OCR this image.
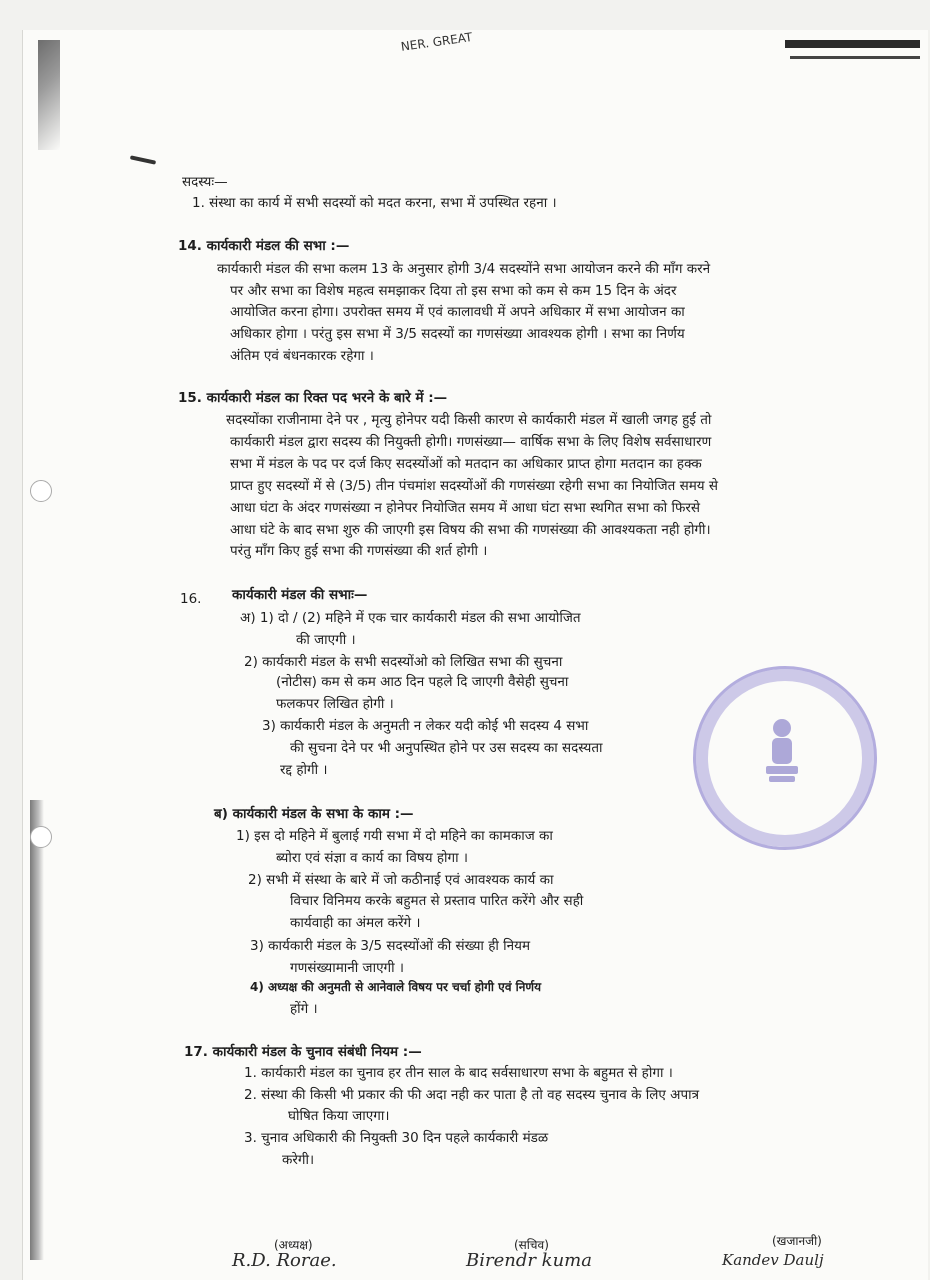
NER. GREAT
सदस्यः—
1. संस्था का कार्य में सभी सदस्यों को मदत करना, सभा में उपस्थित रहना ।
14. कार्यकारी मंडल की सभा :—
कार्यकारी मंडल की सभा कलम 13 के अनुसार होगी 3/4 सदस्योंने सभा आयोजन करने की माँग करने
पर और सभा का विशेष महत्व समझाकर दिया तो इस सभा को कम से कम 15 दिन के अंदर
आयोजित करना होगा। उपरोक्त समय में एवं कालावधी में अपने अधिकार में सभा आयोजन का
अधिकार होगा । परंतु इस सभा में 3/5 सदस्यों का गणसंख्या आवश्यक होगी । सभा का निर्णय
अंतिम एवं बंधनकारक रहेगा ।
15. कार्यकारी मंडल का रिक्त पद भरने के बारे में :—
सदस्योंका राजीनामा देने पर , मृत्यु होनेपर यदी किसी कारण से कार्यकारी मंडल में खाली जगह हुई तो
कार्यकारी मंडल द्वारा सदस्य की नियुक्ती होगी। गणसंख्या— वार्षिक सभा के लिए विशेष सर्वसाधारण
सभा में मंडल के पद पर दर्ज किए सदस्योंओं को मतदान का अधिकार प्राप्त होगा मतदान का हक्क
प्राप्त हुए सदस्यों में से (3/5) तीन पंचमांश सदस्योंओं की गणसंख्या रहेगी सभा का नियोजित समय से
आधा घंटा के अंदर गणसंख्या न होनेपर नियोजित समय में आधा घंटा सभा स्थगित सभा को फिरसे
आधा घंटे के बाद सभा शुरु की जाएगी इस विषय की सभा की गणसंख्या की आवश्यकता नही होगी।
परंतु माँग किए हुई सभा की गणसंख्या की शर्त होगी ।
16. कार्यकारी मंडल की सभाः—
अ) 1) दो / (2) महिने में एक चार कार्यकारी मंडल की सभा आयोजित
की जाएगी ।
2) कार्यकारी मंडल के सभी सदस्योंओ को लिखित सभा की सुचना
(नोटीस) कम से कम आठ दिन पहले दि जाएगी वैसेही सुचना
फलकपर लिखित होगी ।
3) कार्यकारी मंडल के अनुमती न लेकर यदी कोई भी सदस्य 4 सभा
की सुचना देने पर भी अनुपस्थित होने पर उस सदस्य का सदस्यता
रद्द होगी ।
ब) कार्यकारी मंडल के सभा के काम :—
1) इस दो महिने में बुलाई गयी सभा में दो महिने का कामकाज का
ब्योरा एवं संज्ञा व कार्य का विषय होगा ।
2) सभी में संस्था के बारे में जो कठीनाई एवं आवश्यक कार्य का
विचार विनिमय करके बहुमत से प्रस्ताव पारित करेंगे और सही
कार्यवाही का अंमल करेंगे ।
3) कार्यकारी मंडल के 3/5 सदस्योंओं की संख्या ही नियम
गणसंख्यामानी जाएगी ।
4) अध्यक्ष की अनुमती से आनेवाले विषय पर चर्चा होगी एवं निर्णय
होंगे ।
17. कार्यकारी मंडल के चुनाव संबंधी नियम :—
1. कार्यकारी मंडल का चुनाव हर तीन साल के बाद सर्वसाधारण सभा के बहुमत से होगा ।
2. संस्था की किसी भी प्रकार की फी अदा नही कर पाता है तो वह सदस्य चुनाव के लिए अपात्र
घोषित किया जाएगा।
3. चुनाव अधिकारी की नियुक्ती 30 दिन पहले कार्यकारी मंडळ
करेगी।
(अध्यक्ष)	(सचिव)	(खजानजी)
R.D. Rorae.	Birendr kuma	Kandev Daulj
